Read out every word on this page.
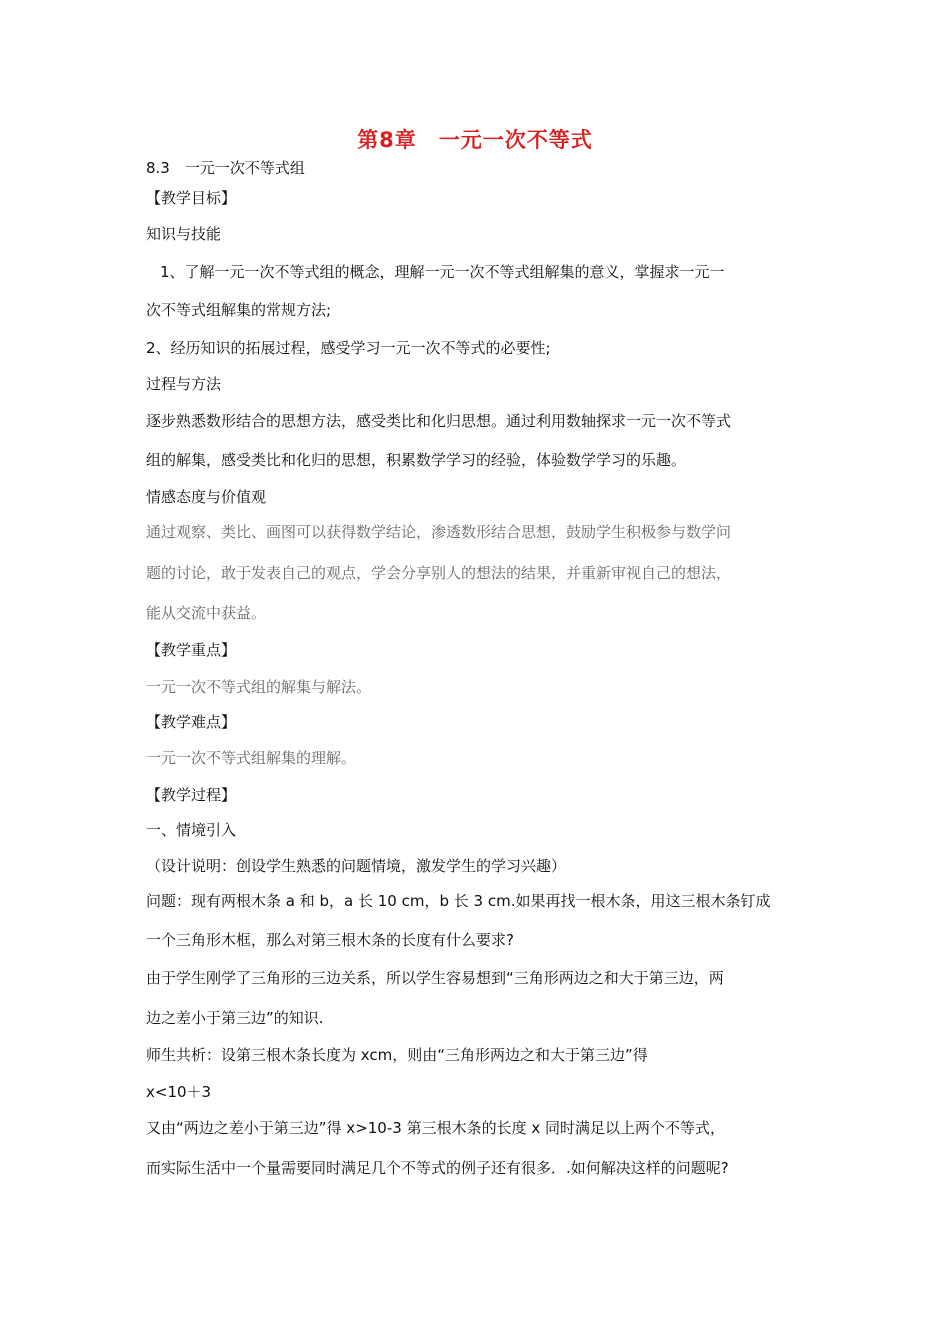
第8章　一元一次不等式
8.3　一元一次不等式组
【教学目标】
知识与技能
1、了解一元一次不等式组的概念，理解一元一次不等式组解集的意义，掌握求一元一
次不等式组解集的常规方法;
2、经历知识的拓展过程，感受学习一元一次不等式的必要性;
过程与方法
逐步熟悉数形结合的思想方法，感受类比和化归思想。通过利用数轴探求一元一次不等式
组的解集，感受类比和化归的思想，积累数学学习的经验，体验数学学习的乐趣。
情感态度与价值观
通过观察、类比、画图可以获得数学结论，渗透数形结合思想，鼓励学生积极参与数学问
题的讨论，敢于发表自己的观点，学会分享别人的想法的结果，并重新审视自己的想法，
能从交流中获益。
【教学重点】
一元一次不等式组的解集与解法。
【教学难点】
一元一次不等式组解集的理解。
【教学过程】
一、情境引入
（设计说明：创设学生熟悉的问题情境，激发学生的学习兴趣）
问题：现有两根木条 a 和 b，a 长 10 cm，b 长 3 cm.如果再找一根木条，用这三根木条钉成
一个三角形木框，那么对第三根木条的长度有什么要求?
由于学生刚学了三角形的三边关系，所以学生容易想到“三角形两边之和大于第三边，两
边之差小于第三边”的知识.
师生共析：设第三根木条长度为 xcm，则由“三角形两边之和大于第三边”得
x<10＋3
又由“两边之差小于第三边”得 x>10-3 第三根木条的长度 x 同时满足以上两个不等式，
而实际生活中一个量需要同时满足几个不等式的例子还有很多．.如何解决这样的问题呢?
